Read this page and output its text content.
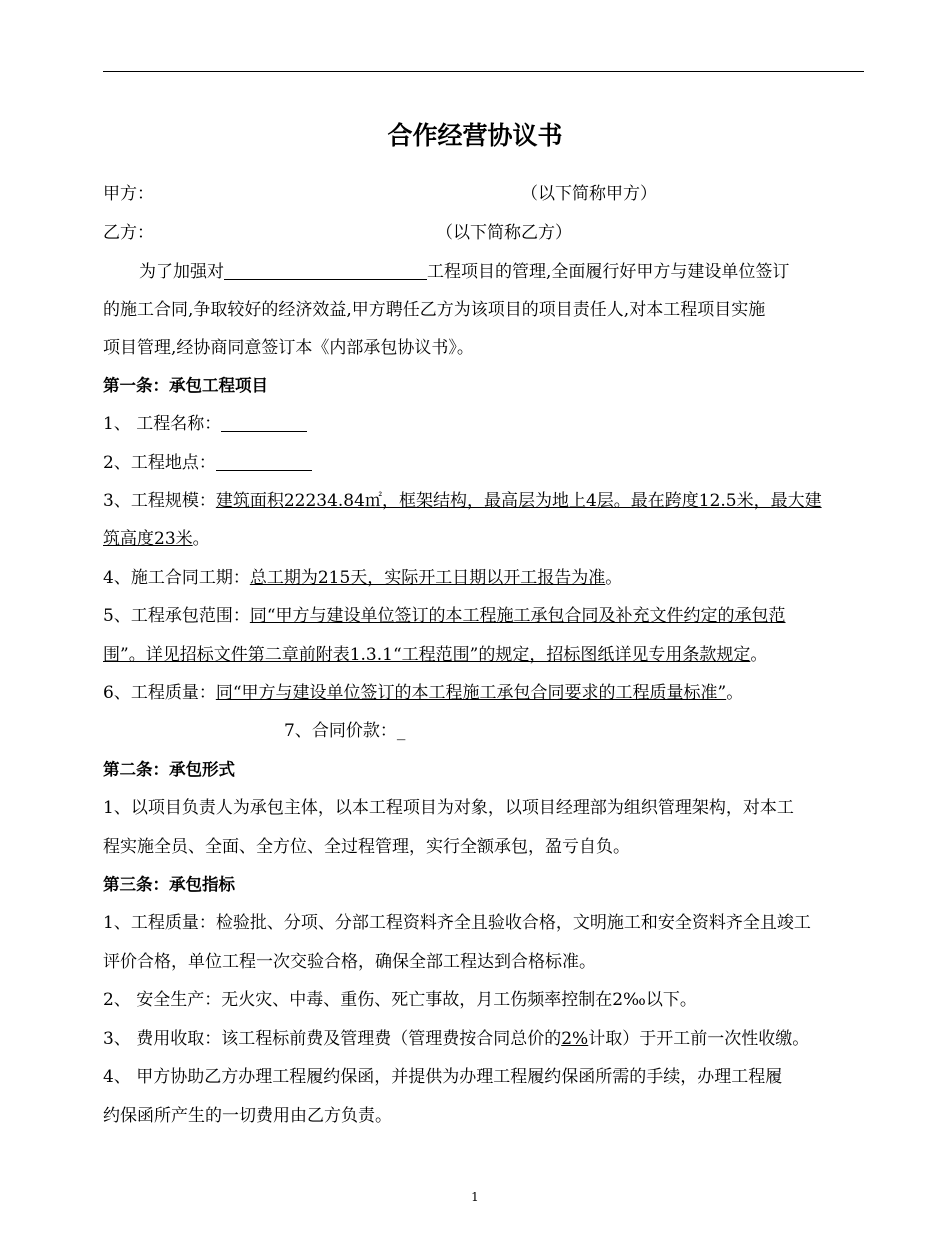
合作经营协议书
甲方：	（以下简称甲方）
乙方：	（以下简称乙方）
为了加强对	工程项目的管理,全面履行好甲方与建设单位签订
的施工合同,争取较好的经济效益,甲方聘任乙方为该项目的项目责任人,对本工程项目实施
项目管理,经协商同意签订本《内部承包协议书》。
第一条：承包工程项目
1、 工程名称：
2、工程地点：
3、工程规模：建筑面积22234.84㎡，框架结构，最高层为地上4层。最在跨度12.5米，最大建
筑高度23米。
4、施工合同工期：总工期为215天，实际开工日期以开工报告为准。
5、工程承包范围：同“甲方与建设单位签订的本工程施工承包合同及补充文件约定的承包范
围”。详见招标文件第二章前附表1.3.1“工程范围”的规定，招标图纸详见专用条款规定。
6、工程质量：同“甲方与建设单位签订的本工程施工承包合同要求的工程质量标准”。
7、合同价款：_
第二条：承包形式
1、以项目负责人为承包主体，以本工程项目为对象，以项目经理部为组织管理架构，对本工
程实施全员、全面、全方位、全过程管理，实行全额承包，盈亏自负。
第三条：承包指标
1、工程质量：检验批、分项、分部工程资料齐全且验收合格，文明施工和安全资料齐全且竣工
评价合格，单位工程一次交验合格，确保全部工程达到合格标准。
2、 安全生产：无火灾、中毒、重伤、死亡事故，月工伤频率控制在2‰以下。
3、 费用收取：该工程标前费及管理费（管理费按合同总价的2%计取）于开工前一次性收缴。
4、 甲方协助乙方办理工程履约保函，并提供为办理工程履约保函所需的手续，办理工程履
约保函所产生的一切费用由乙方负责。
1
